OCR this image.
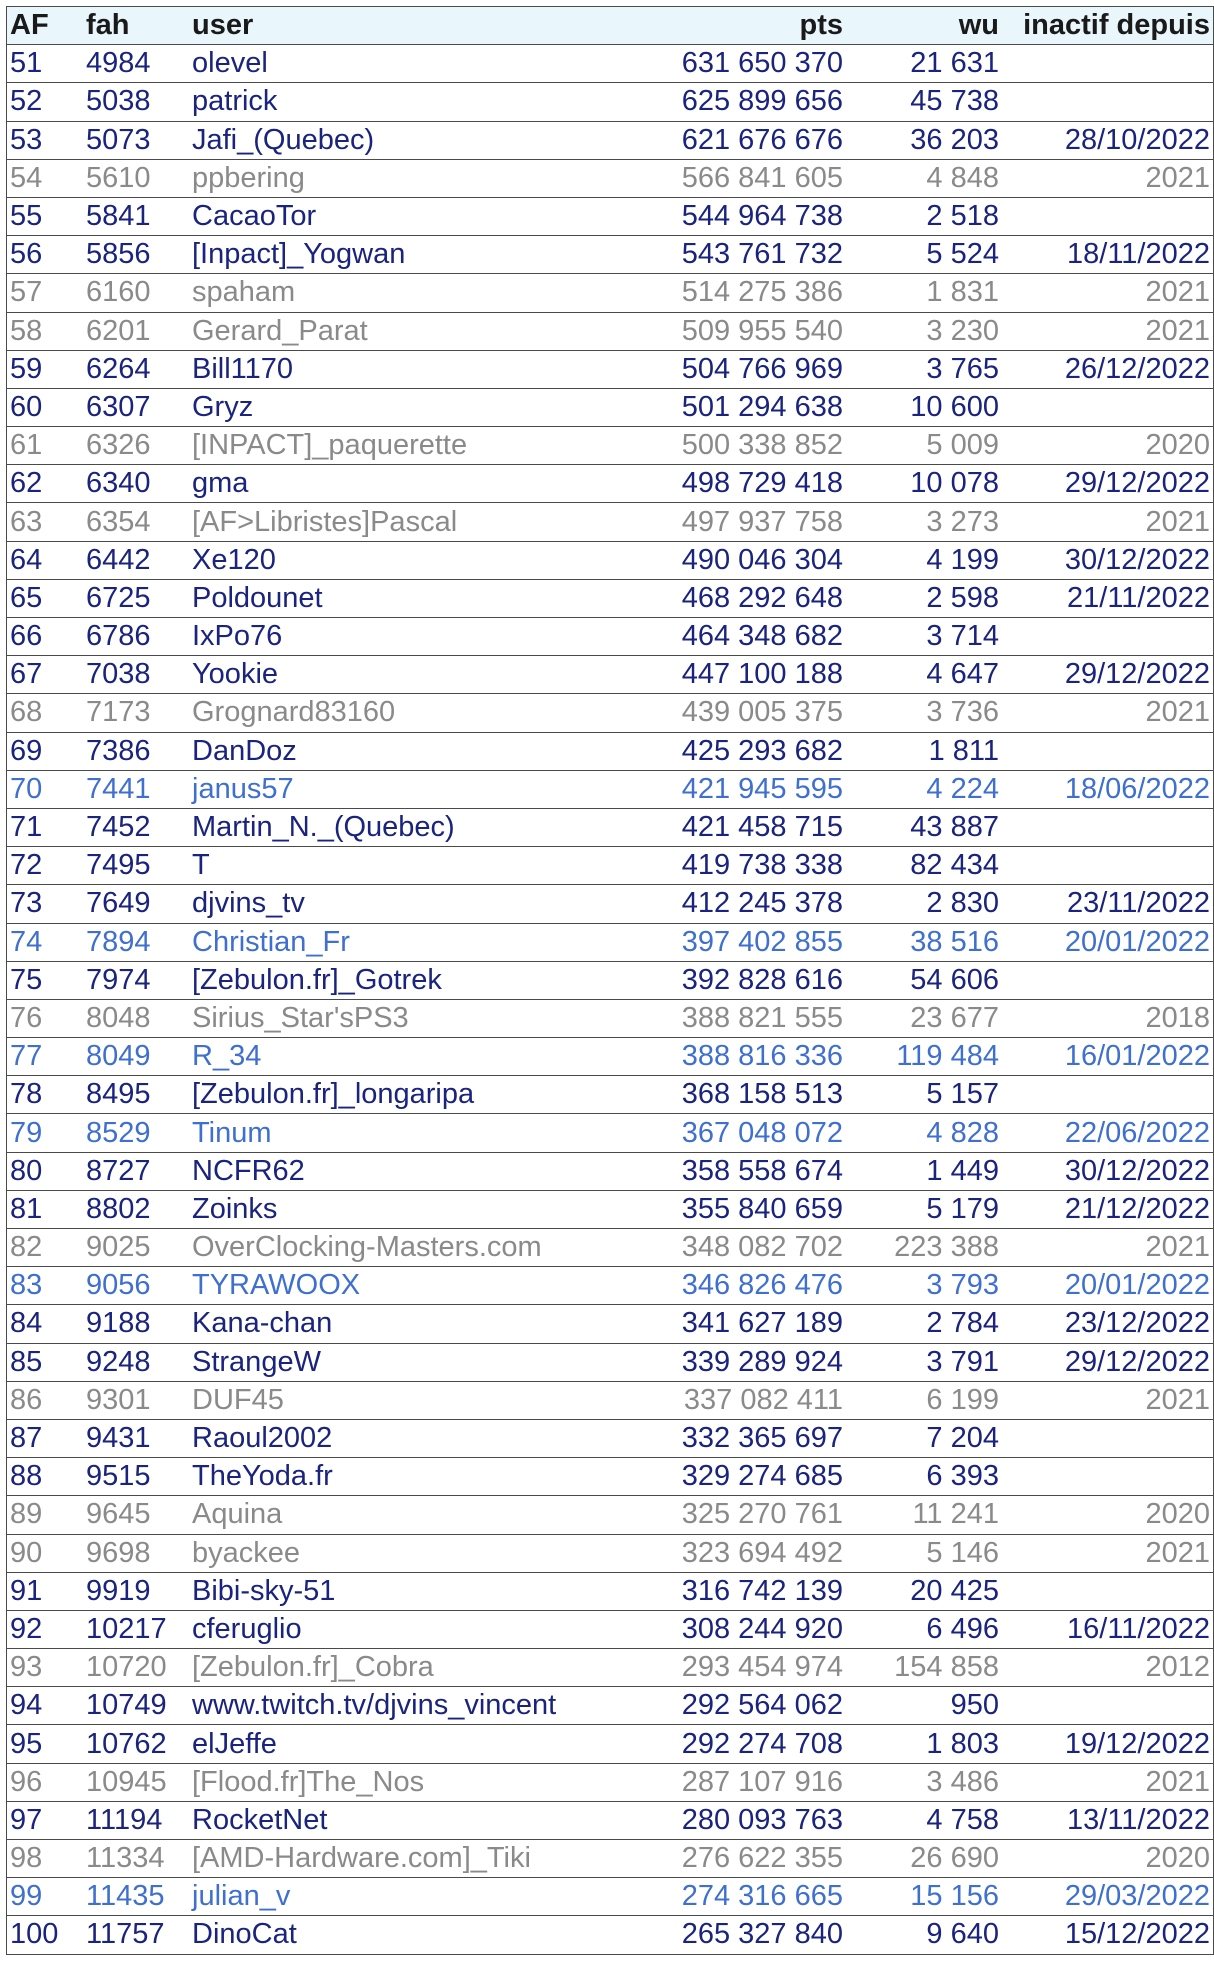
AF	fah	user	pts	wu	inactif depuis
51	4984	olevel	631 650 370	21 631	
52	5038	patrick	625 899 656	45 738	
53	5073	Jafi_(Quebec)	621 676 676	36 203	28/10/2022
54	5610	ppbering	566 841 605	4 848	2021
55	5841	CacaoTor	544 964 738	2 518	
56	5856	[Inpact]_Yogwan	543 761 732	5 524	18/11/2022
57	6160	spaham	514 275 386	1 831	2021
58	6201	Gerard_Parat	509 955 540	3 230	2021
59	6264	Bill1170	504 766 969	3 765	26/12/2022
60	6307	Gryz	501 294 638	10 600	
61	6326	[INPACT]_paquerette	500 338 852	5 009	2020
62	6340	gma	498 729 418	10 078	29/12/2022
63	6354	[AF>Libristes]Pascal	497 937 758	3 273	2021
64	6442	Xe120	490 046 304	4 199	30/12/2022
65	6725	Poldounet	468 292 648	2 598	21/11/2022
66	6786	IxPo76	464 348 682	3 714	
67	7038	Yookie	447 100 188	4 647	29/12/2022
68	7173	Grognard83160	439 005 375	3 736	2021
69	7386	DanDoz	425 293 682	1 811	
70	7441	janus57	421 945 595	4 224	18/06/2022
71	7452	Martin_N._(Quebec)	421 458 715	43 887	
72	7495	T	419 738 338	82 434	
73	7649	djvins_tv	412 245 378	2 830	23/11/2022
74	7894	Christian_Fr	397 402 855	38 516	20/01/2022
75	7974	[Zebulon.fr]_Gotrek	392 828 616	54 606	
76	8048	Sirius_Star'sPS3	388 821 555	23 677	2018
77	8049	R_34	388 816 336	119 484	16/01/2022
78	8495	[Zebulon.fr]_longaripa	368 158 513	5 157	
79	8529	Tinum	367 048 072	4 828	22/06/2022
80	8727	NCFR62	358 558 674	1 449	30/12/2022
81	8802	Zoinks	355 840 659	5 179	21/12/2022
82	9025	OverClocking-Masters.com	348 082 702	223 388	2021
83	9056	TYRAWOOX	346 826 476	3 793	20/01/2022
84	9188	Kana-chan	341 627 189	2 784	23/12/2022
85	9248	StrangeW	339 289 924	3 791	29/12/2022
86	9301	DUF45	337 082 411	6 199	2021
87	9431	Raoul2002	332 365 697	7 204	
88	9515	TheYoda.fr	329 274 685	6 393	
89	9645	Aquina	325 270 761	11 241	2020
90	9698	byackee	323 694 492	5 146	2021
91	9919	Bibi-sky-51	316 742 139	20 425	
92	10217	cferuglio	308 244 920	6 496	16/11/2022
93	10720	[Zebulon.fr]_Cobra	293 454 974	154 858	2012
94	10749	www.twitch.tv/djvins_vincent	292 564 062	950	
95	10762	elJeffe	292 274 708	1 803	19/12/2022
96	10945	[Flood.fr]The_Nos	287 107 916	3 486	2021
97	11194	RocketNet	280 093 763	4 758	13/11/2022
98	11334	[AMD-Hardware.com]_Tiki	276 622 355	26 690	2020
99	11435	julian_v	274 316 665	15 156	29/03/2022
100	11757	DinoCat	265 327 840	9 640	15/12/2022
